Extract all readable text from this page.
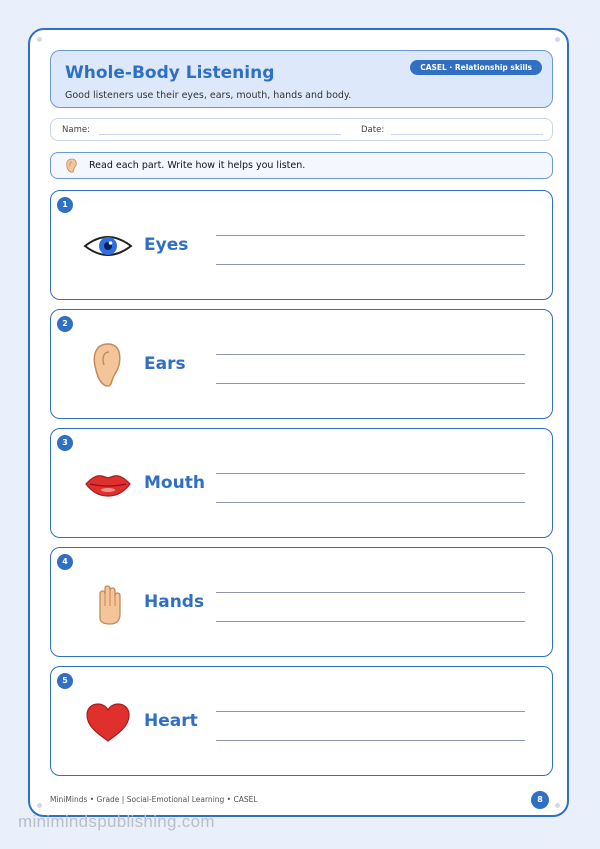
Whole-Body Listening
Good listeners use their eyes, ears, mouth, hands and body.
CASEL · Relationship skills
Name:	Date:
Read each part. Write how it helps you listen.
1
Eyes
2
Ears
3
Mouth
4
Hands
5
Heart
MiniMinds • Grade | Social-Emotional Learning • CASEL	8
minimindspublishing.com
